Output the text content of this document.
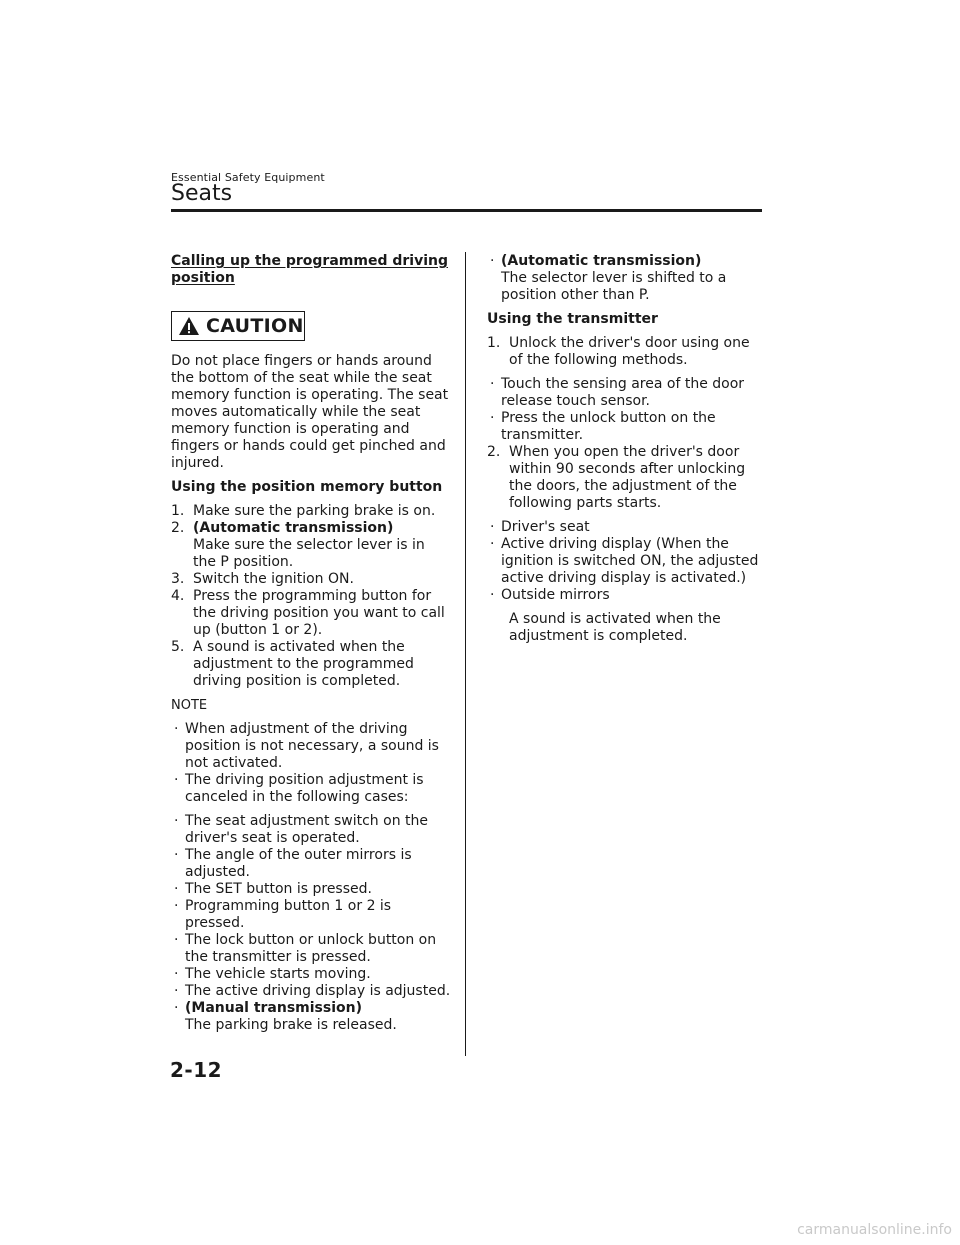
Essential Safety Equipment
Seats
Calling up the programmed driving position
CAUTION

Do not place fingers or hands around the bottom of the seat while the seat memory function is operating. The seat moves automatically while the seat memory function is operating and fingers or hands could get pinched and injured.

Using the position memory button

1. Make sure the parking brake is on.
2. (Automatic transmission)
Make sure the selector lever is in the P position.
3. Switch the ignition ON.
4. Press the programming button for the driving position you want to call up (button 1 or 2).
5. A sound is activated when the adjustment to the programmed driving position is completed.

NOTE

· When adjustment of the driving position is not necessary, a sound is not activated.
· The driving position adjustment is canceled in the following cases:
· The seat adjustment switch on the driver's seat is operated.
· The angle of the outer mirrors is adjusted.
· The SET button is pressed.
· Programming button 1 or 2 is pressed.
· The lock button or unlock button on the transmitter is pressed.
· The vehicle starts moving.
· The active driving display is adjusted.
· (Manual transmission)
The parking brake is released.
· (Automatic transmission)
The selector lever is shifted to a position other than P.

Using the transmitter

1. Unlock the driver's door using one of the following methods.
· Touch the sensing area of the door release touch sensor.
· Press the unlock button on the transmitter.
2. When you open the driver's door within 90 seconds after unlocking the doors, the adjustment of the following parts starts.
· Driver's seat
· Active driving display (When the ignition is switched ON, the adjusted active driving display is activated.)
· Outside mirrors

A sound is activated when the adjustment is completed.

2-12
carmanualsonline.info
